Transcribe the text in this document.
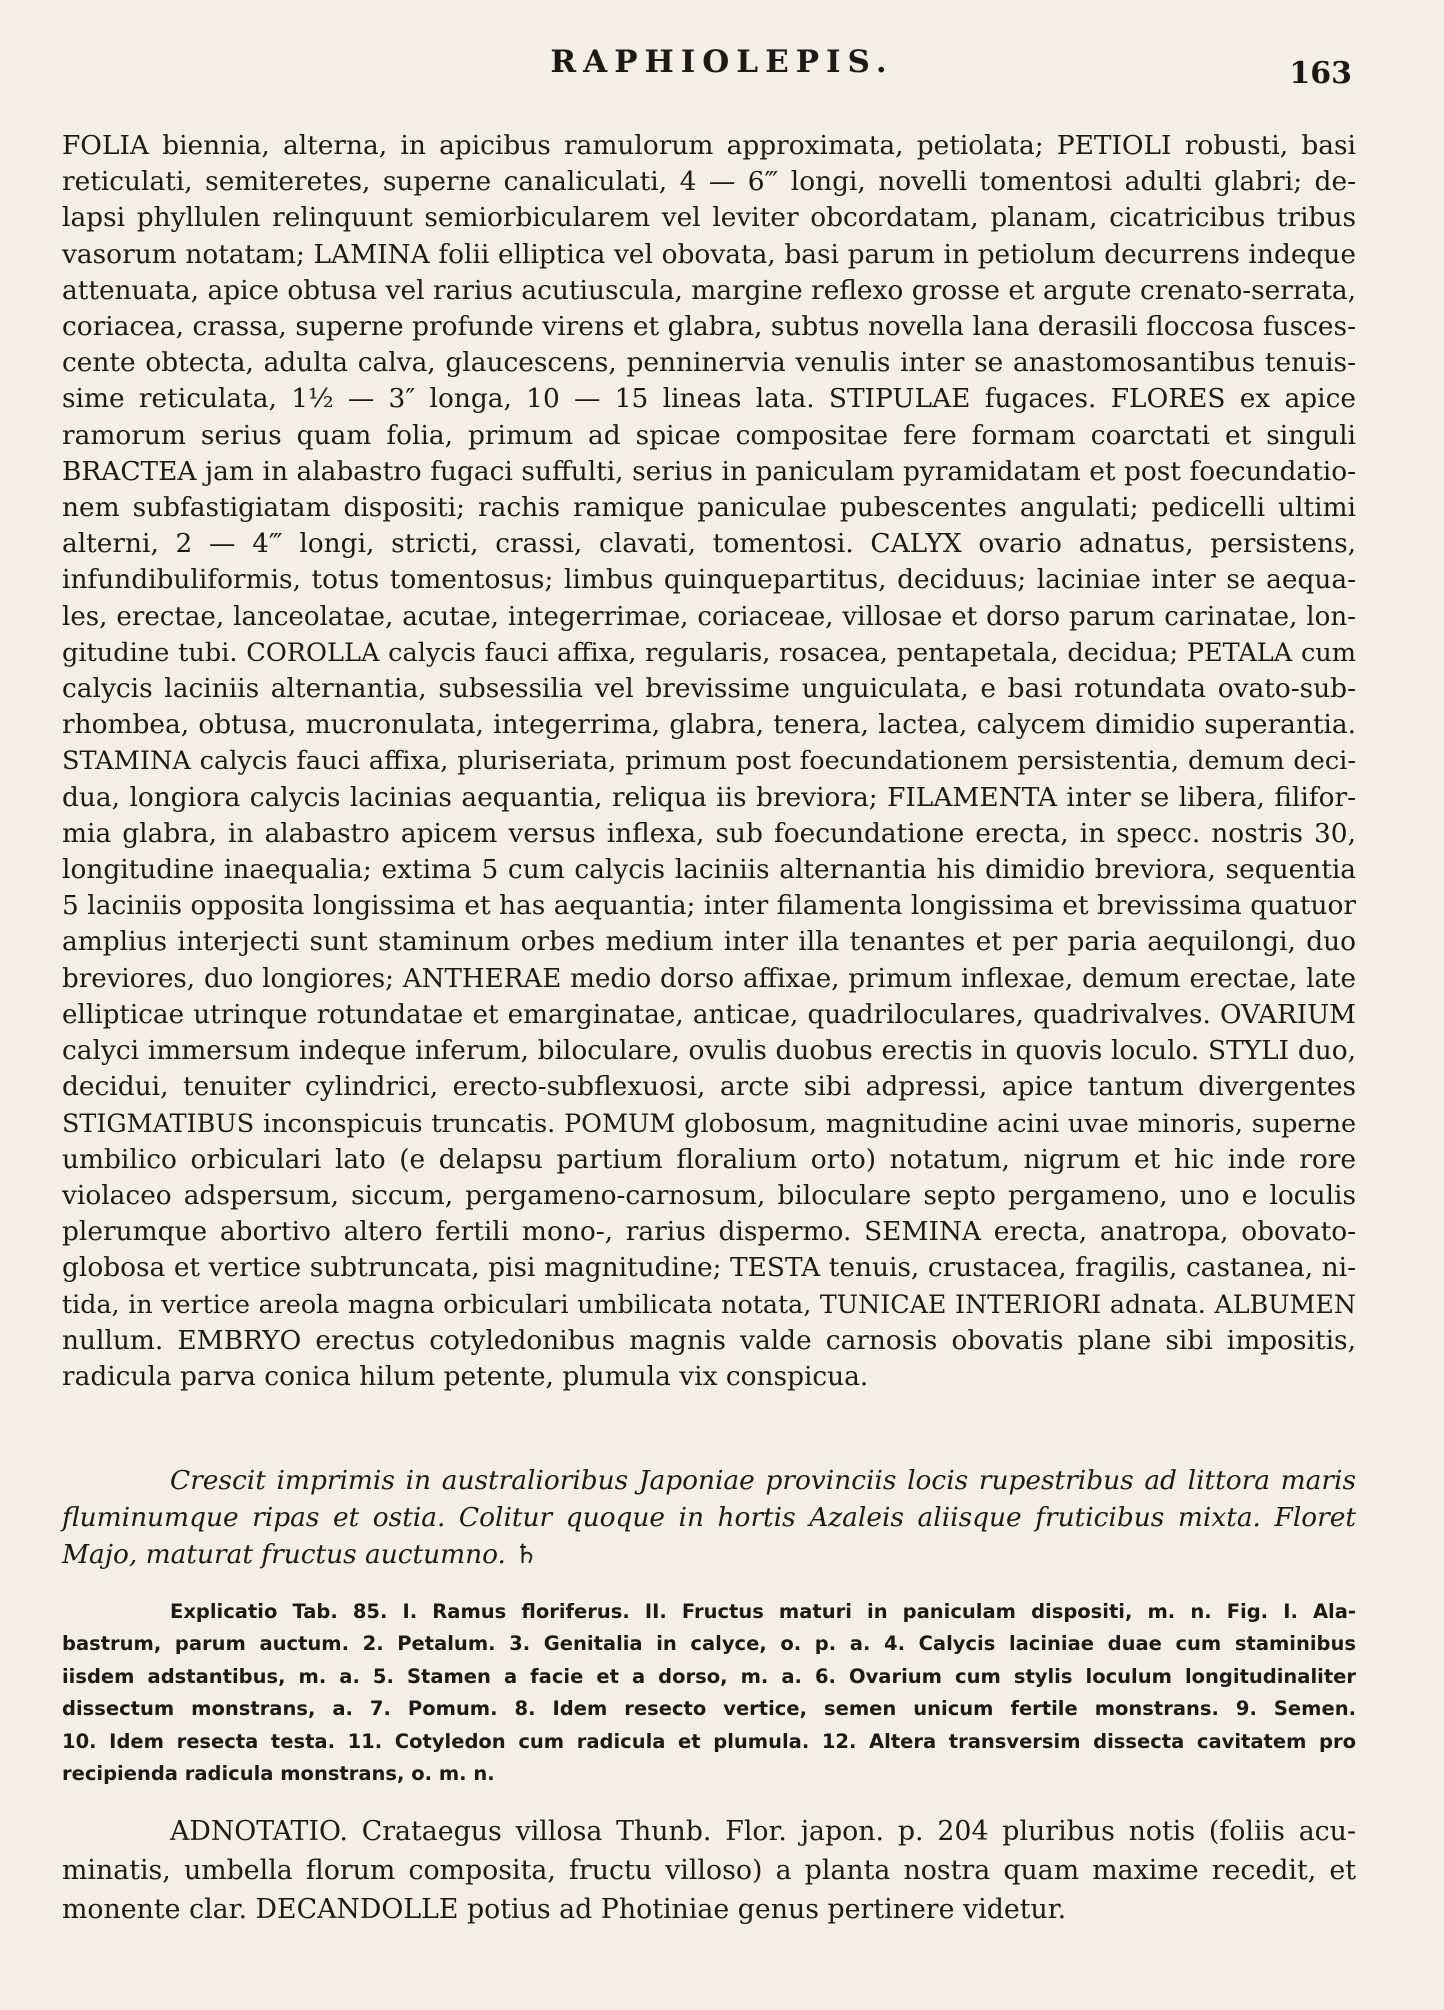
RAPHIOLEPIS.	163
FOLIA biennia, alterna, in apicibus ramulorum approximata, petiolata; PETIOLI robusti, basi
reticulati, semiteretes, superne canaliculati, 4 — 6‴ longi, novelli tomentosi adulti glabri; de-
lapsi phyllulen relinquunt semiorbicularem vel leviter obcordatam, planam, cicatricibus tribus
vasorum notatam; LAMINA folii elliptica vel obovata, basi parum in petiolum decurrens indeque
attenuata, apice obtusa vel rarius acutiuscula, margine reflexo grosse et argute crenato-serrata,
coriacea, crassa, superne profunde virens et glabra, subtus novella lana derasili floccosa fusces-
cente obtecta, adulta calva, glaucescens, penninervia venulis inter se anastomosantibus tenuis-
sime reticulata, 1½ — 3″ longa, 10 — 15 lineas lata. STIPULAE fugaces. FLORES ex apice
ramorum serius quam folia, primum ad spicae compositae fere formam coarctati et singuli
BRACTEA jam in alabastro fugaci suffulti, serius in paniculam pyramidatam et post foecundatio-
nem subfastigiatam dispositi; rachis ramique paniculae pubescentes angulati; pedicelli ultimi
alterni, 2 — 4‴ longi, stricti, crassi, clavati, tomentosi. CALYX ovario adnatus, persistens,
infundibuliformis, totus tomentosus; limbus quinquepartitus, deciduus; laciniae inter se aequa-
les, erectae, lanceolatae, acutae, integerrimae, coriaceae, villosae et dorso parum carinatae, lon-
gitudine tubi. COROLLA calycis fauci affixa, regularis, rosacea, pentapetala, decidua; PETALA cum
calycis laciniis alternantia, subsessilia vel brevissime unguiculata, e basi rotundata ovato-sub-
rhombea, obtusa, mucronulata, integerrima, glabra, tenera, lactea, calycem dimidio superantia.
STAMINA calycis fauci affixa, pluriseriata, primum post foecundationem persistentia, demum deci-
dua, longiora calycis lacinias aequantia, reliqua iis breviora; FILAMENTA inter se libera, filifor-
mia glabra, in alabastro apicem versus inflexa, sub foecundatione erecta, in specc. nostris 30,
longitudine inaequalia; extima 5 cum calycis laciniis alternantia his dimidio breviora, sequentia
5 laciniis opposita longissima et has aequantia; inter filamenta longissima et brevissima quatuor
amplius interjecti sunt staminum orbes medium inter illa tenantes et per paria aequilongi, duo
breviores, duo longiores; ANTHERAE medio dorso affixae, primum inflexae, demum erectae, late
ellipticae utrinque rotundatae et emarginatae, anticae, quadriloculares, quadrivalves. OVARIUM
calyci immersum indeque inferum, biloculare, ovulis duobus erectis in quovis loculo. STYLI duo,
decidui, tenuiter cylindrici, erecto-subflexuosi, arcte sibi adpressi, apice tantum divergentes
STIGMATIBUS inconspicuis truncatis. POMUM globosum, magnitudine acini uvae minoris, superne
umbilico orbiculari lato (e delapsu partium floralium orto) notatum, nigrum et hic inde rore
violaceo adspersum, siccum, pergameno-carnosum, biloculare septo pergameno, uno e loculis
plerumque abortivo altero fertili mono-, rarius dispermo. SEMINA erecta, anatropa, obovato-
globosa et vertice subtruncata, pisi magnitudine; TESTA tenuis, crustacea, fragilis, castanea, ni-
tida, in vertice areola magna orbiculari umbilicata notata, TUNICAE INTERIORI adnata. ALBUMEN
nullum. EMBRYO erectus cotyledonibus magnis valde carnosis obovatis plane sibi impositis,
radicula parva conica hilum petente, plumula vix conspicua.
Crescit imprimis in australioribus Japoniae provinciis locis rupestribus ad littora maris
fluminumque ripas et ostia. Colitur quoque in hortis Azaleis aliisque fruticibus mixta. Floret
Majo, maturat fructus auctumno. ♄
Explicatio Tab. 85. I. Ramus floriferus. II. Fructus maturi in paniculam dispositi, m. n. Fig. I. Ala-
bastrum, parum auctum. 2. Petalum. 3. Genitalia in calyce, o. p. a. 4. Calycis laciniae duae cum staminibus
iisdem adstantibus, m. a. 5. Stamen a facie et a dorso, m. a. 6. Ovarium cum stylis loculum longitudinaliter
dissectum monstrans, a. 7. Pomum. 8. Idem resecto vertice, semen unicum fertile monstrans. 9. Semen.
10. Idem resecta testa. 11. Cotyledon cum radicula et plumula. 12. Altera transversim dissecta cavitatem pro
recipienda radicula monstrans, o. m. n.
ADNOTATIO. Crataegus villosa Thunb. Flor. japon. p. 204 pluribus notis (foliis acu-
minatis, umbella florum composita, fructu villoso) a planta nostra quam maxime recedit, et
monente clar. DECANDOLLE potius ad Photiniae genus pertinere videtur.
